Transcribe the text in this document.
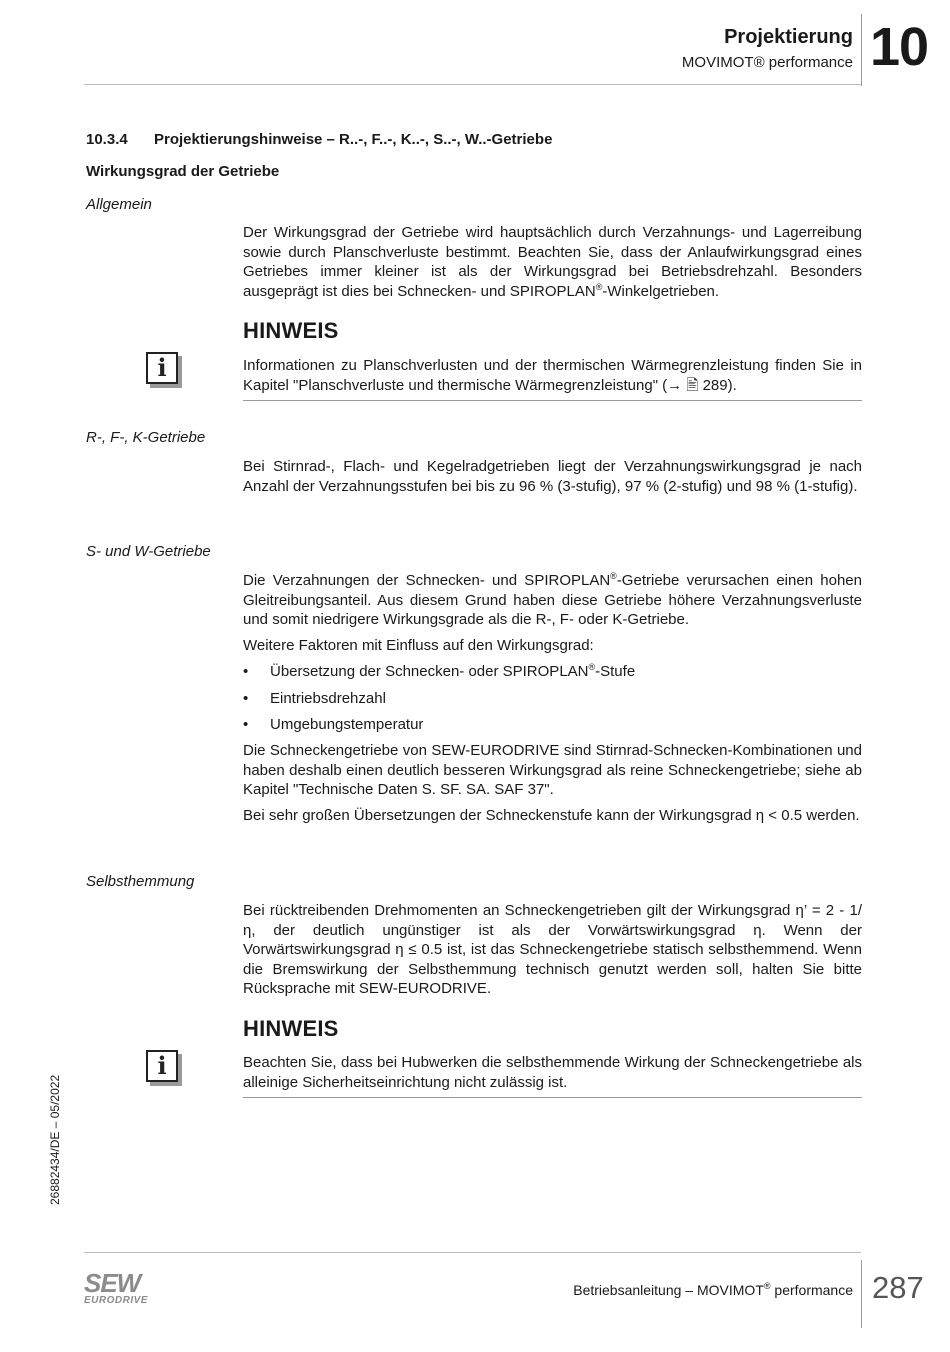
Projektierung
MOVIMOT® performance 10
10.3.4 Projektierungshinweise – R..-, F..-, K..-, S..-, W..-Getriebe
Wirkungsgrad der Getriebe
Allgemein
Der Wirkungsgrad der Getriebe wird hauptsächlich durch Verzahnungs- und Lagerreibung sowie durch Planschverluste bestimmt. Beachten Sie, dass der Anlaufwirkungsgrad eines Getriebes immer kleiner ist als der Wirkungsgrad bei Betriebsdrehzahl. Besonders ausgeprägt ist dies bei Schnecken- und SPIROPLAN®-Winkelgetrieben.
HINWEIS
i	Informationen zu Planschverlusten und der thermischen Wärmegrenzleistung finden Sie in Kapitel "Planschverluste und thermische Wärmegrenzleistung" (→ 🖹 289).
R-, F-, K-Getriebe
Bei Stirnrad-, Flach- und Kegelradgetrieben liegt der Verzahnungswirkungsgrad je nach Anzahl der Verzahnungsstufen bei bis zu 96 % (3-stufig), 97 % (2-stufig) und 98 % (1-stufig).
S- und W-Getriebe
Die Verzahnungen der Schnecken- und SPIROPLAN®-Getriebe verursachen einen hohen Gleitreibungsanteil. Aus diesem Grund haben diese Getriebe höhere Verzahnungsverluste und somit niedrigere Wirkungsgrade als die R-, F- oder K-Getriebe.
Weitere Faktoren mit Einfluss auf den Wirkungsgrad:
• Übersetzung der Schnecken- oder SPIROPLAN®-Stufe
• Eintriebsdrehzahl
• Umgebungstemperatur
Die Schneckengetriebe von SEW-EURODRIVE sind Stirnrad-Schnecken-Kombinationen und haben deshalb einen deutlich besseren Wirkungsgrad als reine Schneckengetriebe; siehe ab Kapitel "Technische Daten S. SF. SA. SAF 37".
Bei sehr großen Übersetzungen der Schneckenstufe kann der Wirkungsgrad η < 0.5 werden.
Selbsthemmung
Bei rücktreibenden Drehmomenten an Schneckengetrieben gilt der Wirkungsgrad η’ = 2 - 1/η, der deutlich ungünstiger ist als der Vorwärtswirkungsgrad η. Wenn der Vorwärtswirkungsgrad η ≤ 0.5 ist, ist das Schneckengetriebe statisch selbsthemmend. Wenn die Bremswirkung der Selbsthemmung technisch genutzt werden soll, halten Sie bitte Rücksprache mit SEW-EURODRIVE.
HINWEIS
i	Beachten Sie, dass bei Hubwerken die selbsthemmende Wirkung der Schneckengetriebe als alleinige Sicherheitseinrichtung nicht zulässig ist.
26882434/DE – 05/2022
SEW
EURODRIVE
Betriebsanleitung – MOVIMOT® performance 287
